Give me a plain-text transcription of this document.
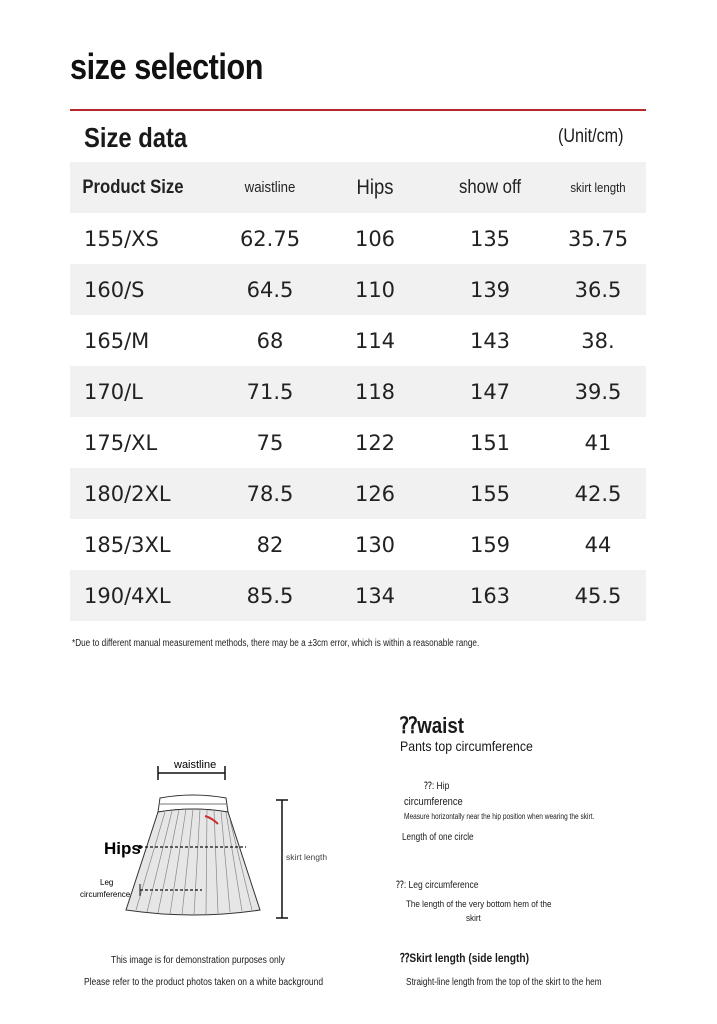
size selection
Size data	(Unit/cm)
Product Size	waistline	Hips	show off	skirt length
155/XS	62.75	106	135	35.75
160/S	64.5	110	139	36.5
165/M	68	114	143	38.
170/L	71.5	118	147	39.5
175/XL	75	122	151	41
180/2XL	78.5	126	155	42.5
185/3XL	82	130	159	44
190/4XL	85.5	134	163	45.5
*Due to different manual measurement methods, there may be a ±3cm error, which is within a reasonable range.
waistline
Hips
Leg
circumference
skirt length
This image is for demonstration purposes only
Please refer to the product photos taken on a white background
⁇waist
Pants top circumference
⁇: Hip
circumference
Measure horizontally near the hip position when wearing the skirt.
Length of one circle
⁇: Leg circumference
The length of the very bottom hem of the
skirt
⁇Skirt length (side length)
Straight-line length from the top of the skirt to the hem
